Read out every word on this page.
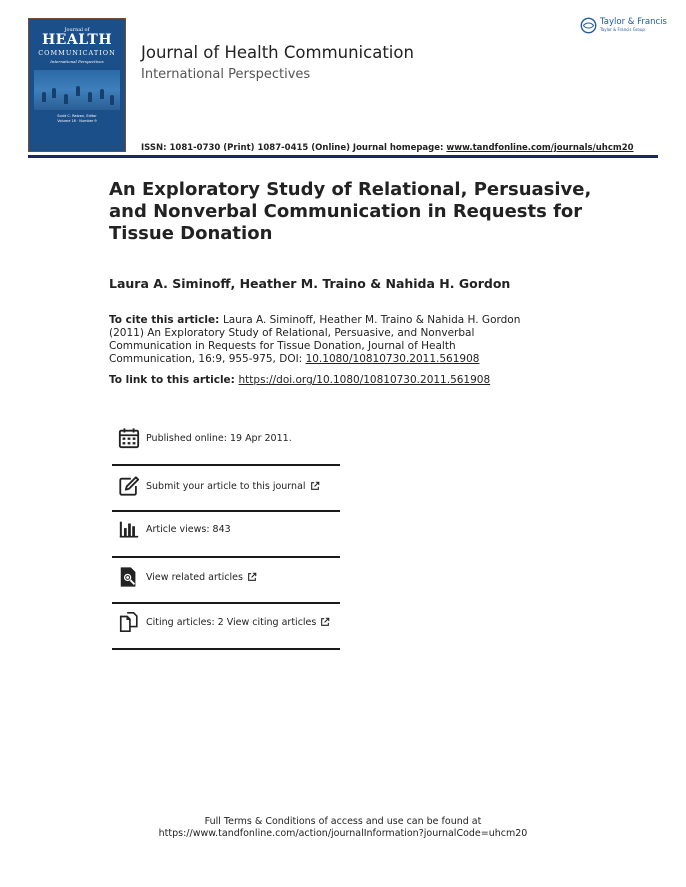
Journal of
HEALTH
COMMUNICATION
International Perspectives
Scott C. Ratzan, Editor
Volume 16 · Number 9
Journal of Health Communication
International Perspectives
Taylor & Francis
Taylor & Francis Group
ISSN: 1081-0730 (Print) 1087-0415 (Online) Journal homepage: www.tandfonline.com/journals/uhcm20
An Exploratory Study of Relational, Persuasive, and Nonverbal Communication in Requests for Tissue Donation
Laura A. Siminoff, Heather M. Traino & Nahida H. Gordon
To cite this article: Laura A. Siminoff, Heather M. Traino & Nahida H. Gordon (2011) An Exploratory Study of Relational, Persuasive, and Nonverbal Communication in Requests for Tissue Donation, Journal of Health Communication, 16:9, 955-975, DOI: 10.1080/10810730.2011.561908
To link to this article: https://doi.org/10.1080/10810730.2011.561908
Published online: 19 Apr 2011.
Submit your article to this journal
Article views: 843
View related articles
Citing articles: 2 View citing articles
Full Terms & Conditions of access and use can be found at
https://www.tandfonline.com/action/journalInformation?journalCode=uhcm20
